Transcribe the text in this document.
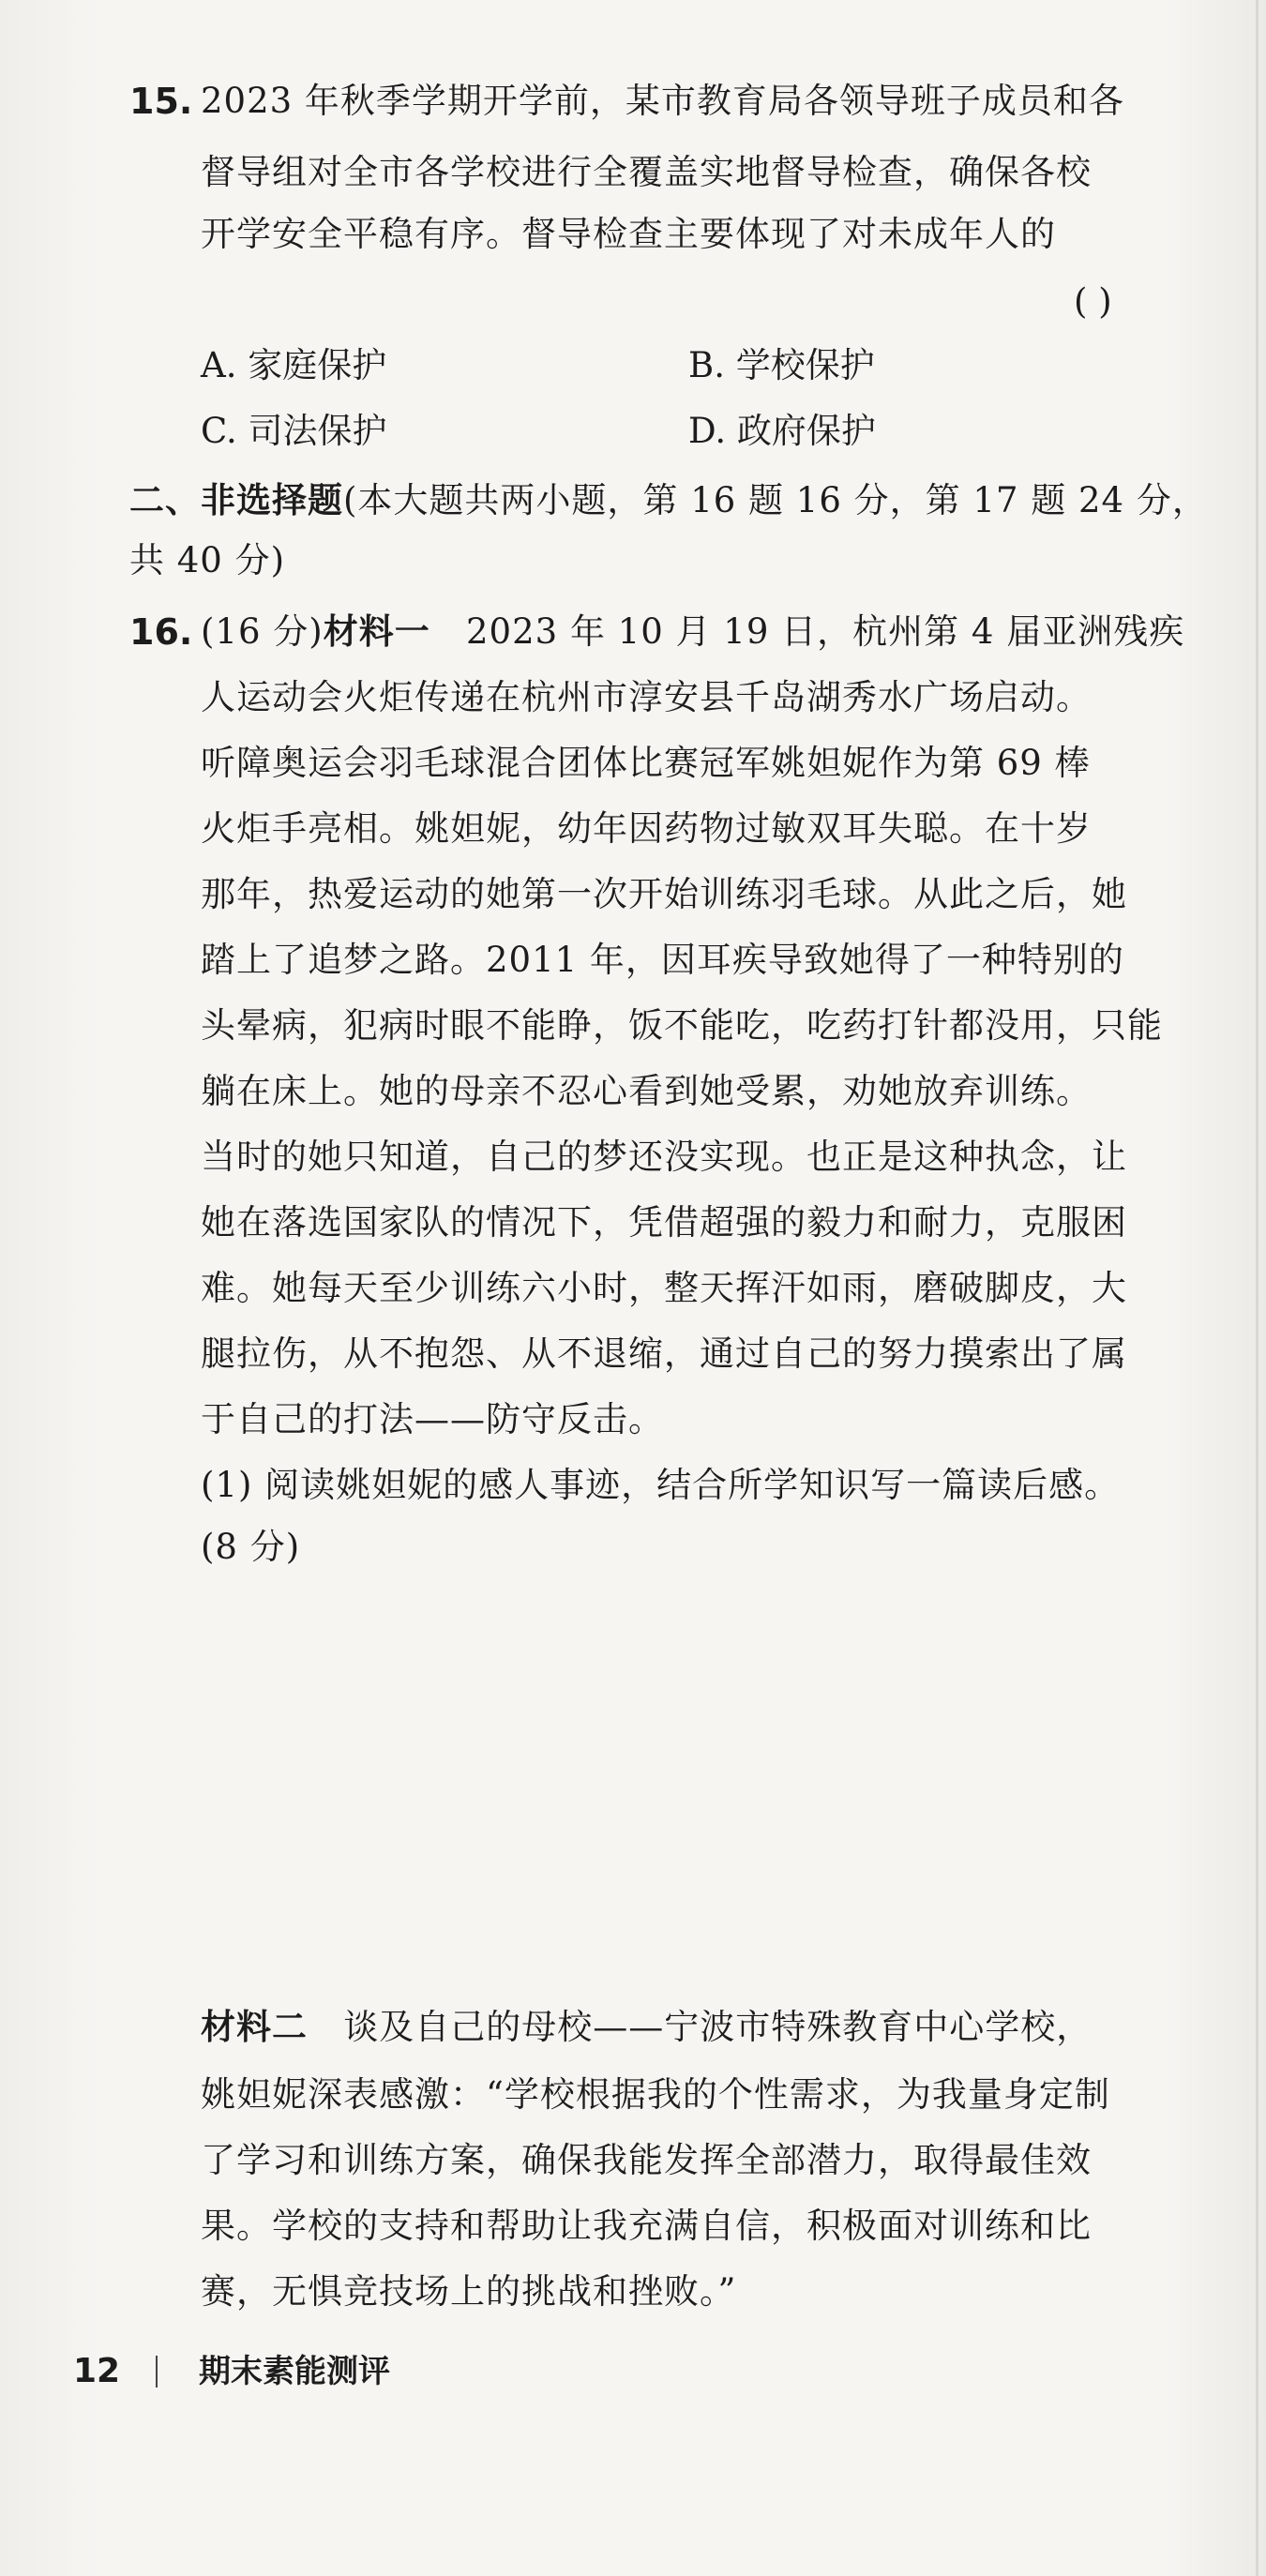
15. 2023 年秋季学期开学前，某市教育局各领导班子成员和各
督导组对全市各学校进行全覆盖实地督导检查，确保各校
开学安全平稳有序。督导检查主要体现了对未成年人的
( )
A. 家庭保护	B. 学校保护
C. 司法保护	D. 政府保护
二、非选择题(本大题共两小题，第 16 题 16 分，第 17 题 24 分，
共 40 分)
16. (16 分)材料一 2023 年 10 月 19 日，杭州第 4 届亚洲残疾
人运动会火炬传递在杭州市淳安县千岛湖秀水广场启动。
听障奥运会羽毛球混合团体比赛冠军姚妲妮作为第 69 棒
火炬手亮相。姚妲妮，幼年因药物过敏双耳失聪。在十岁
那年，热爱运动的她第一次开始训练羽毛球。从此之后，她
踏上了追梦之路。2011 年，因耳疾导致她得了一种特别的
头晕病，犯病时眼不能睁，饭不能吃，吃药打针都没用，只能
躺在床上。她的母亲不忍心看到她受累，劝她放弃训练。
当时的她只知道，自己的梦还没实现。也正是这种执念，让
她在落选国家队的情况下，凭借超强的毅力和耐力，克服困
难。她每天至少训练六小时，整天挥汗如雨，磨破脚皮，大
腿拉伤，从不抱怨、从不退缩，通过自己的努力摸索出了属
于自己的打法——防守反击。
(1) 阅读姚妲妮的感人事迹，结合所学知识写一篇读后感。
(8 分)
材料二 谈及自己的母校——宁波市特殊教育中心学校，
姚妲妮深表感激：“学校根据我的个性需求，为我量身定制
了学习和训练方案，确保我能发挥全部潜力，取得最佳效
果。学校的支持和帮助让我充满自信，积极面对训练和比
赛，无惧竞技场上的挑战和挫败。”
12 期末素能测评
